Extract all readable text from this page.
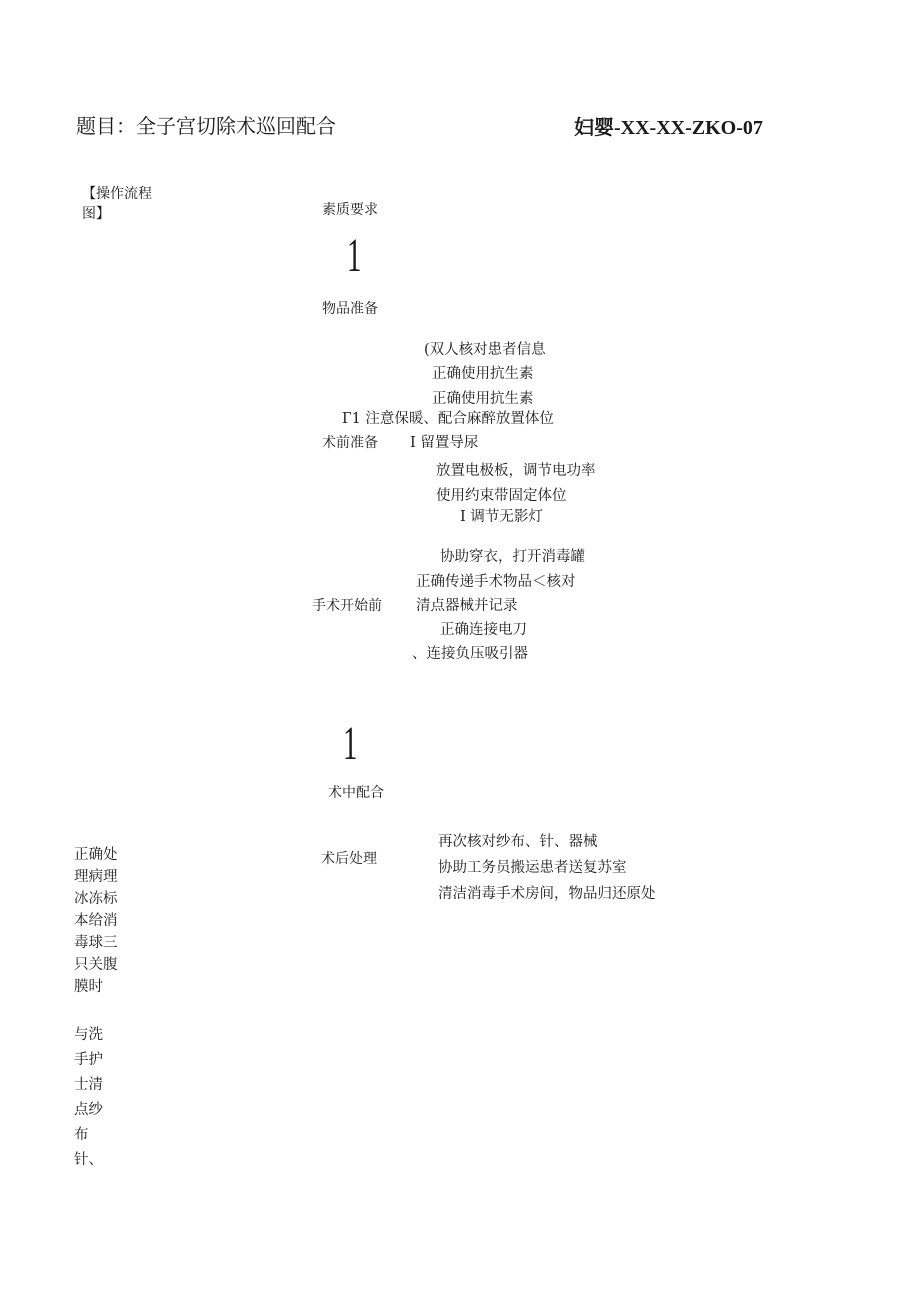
题目：全子宫切除术巡回配合	妇婴-XX-XX-ZKO-07
【操作流程
图】	素质要求
1
物品准备
(双人核对患者信息
正确使用抗生素
正确使用抗生素
Г1 注意保暖、配合麻醉放置体位
术前准备 I 留置导尿
放置电极板，调节电功率
使用约束带固定体位
I 调节无影灯
协助穿衣，打开消毒罐
正确传递手术物品＜核对
手术开始前 清点器械并记录
正确连接电刀
、连接负压吸引器
1
术中配合
再次核对纱布、针、器械
术后处理
协助工务员搬运患者送复苏室
清洁消毒手术房间，物品归还原处
正确处
理病理
冰冻标
本给消
毒球三
只关腹
膜时
与洗
手护
士清
点纱
布
针、
